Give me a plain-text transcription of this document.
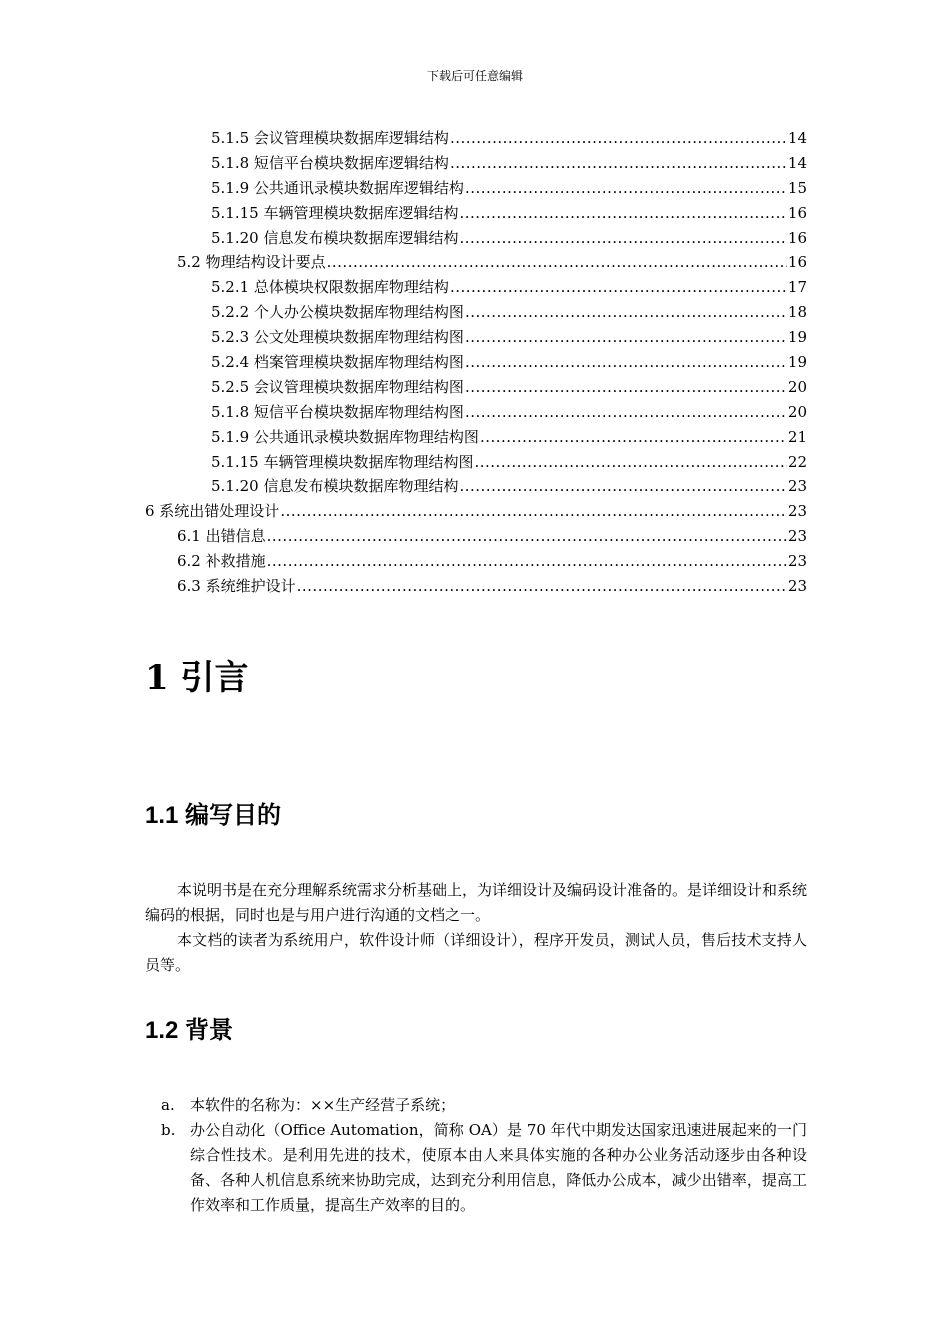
下载后可任意编辑
5.1.5 会议管理模块数据库逻辑结构 .....	14
5.1.8 短信平台模块数据库逻辑结构 .....	14
5.1.9 公共通讯录模块数据库逻辑结构 .....	15
5.1.15 车辆管理模块数据库逻辑结构 .....	16
5.1.20 信息发布模块数据库逻辑结构 .....	16
5.2 物理结构设计要点 .....	16
5.2.1 总体模块权限数据库物理结构 .....	17
5.2.2 个人办公模块数据库物理结构图 .....	18
5.2.3 公文处理模块数据库物理结构图 .....	19
5.2.4 档案管理模块数据库物理结构图 .....	19
5.2.5 会议管理模块数据库物理结构图 .....	20
5.1.8 短信平台模块数据库物理结构图 .....	20
5.1.9 公共通讯录模块数据库物理结构图 .....	21
5.1.15 车辆管理模块数据库物理结构图 .....	22
5.1.20 信息发布模块数据库物理结构 .....	23
6 系统出错处理设计 .....	23
6.1 出错信息 .....	23
6.2 补救措施 .....	23
6.3 系统维护设计 .....	23
1 引言
1.1 编写目的

本说明书是在充分理解系统需求分析基础上，为详细设计及编码设计准备的。是详细设计和系统编码的根据，同时也是与用户进行沟通的文档之一。

本文档的读者为系统用户，软件设计师（详细设计），程序开发员，测试人员，售后技术支持人员等。

1.2 背景
a.	本软件的名称为：××生产经营子系统；
b. 办公自动化（Office Automation，简称 OA）是 70 年代中期发达国家迅速进展起来的一门综合性技术。是利用先进的技术，使原本由人来具体实施的各种办公业务活动逐步由各种设备、各种人机信息系统来协助完成，达到充分利用信息，降低办公成本，减少出错率，提高工作效率和工作质量，提高生产效率的目的。
